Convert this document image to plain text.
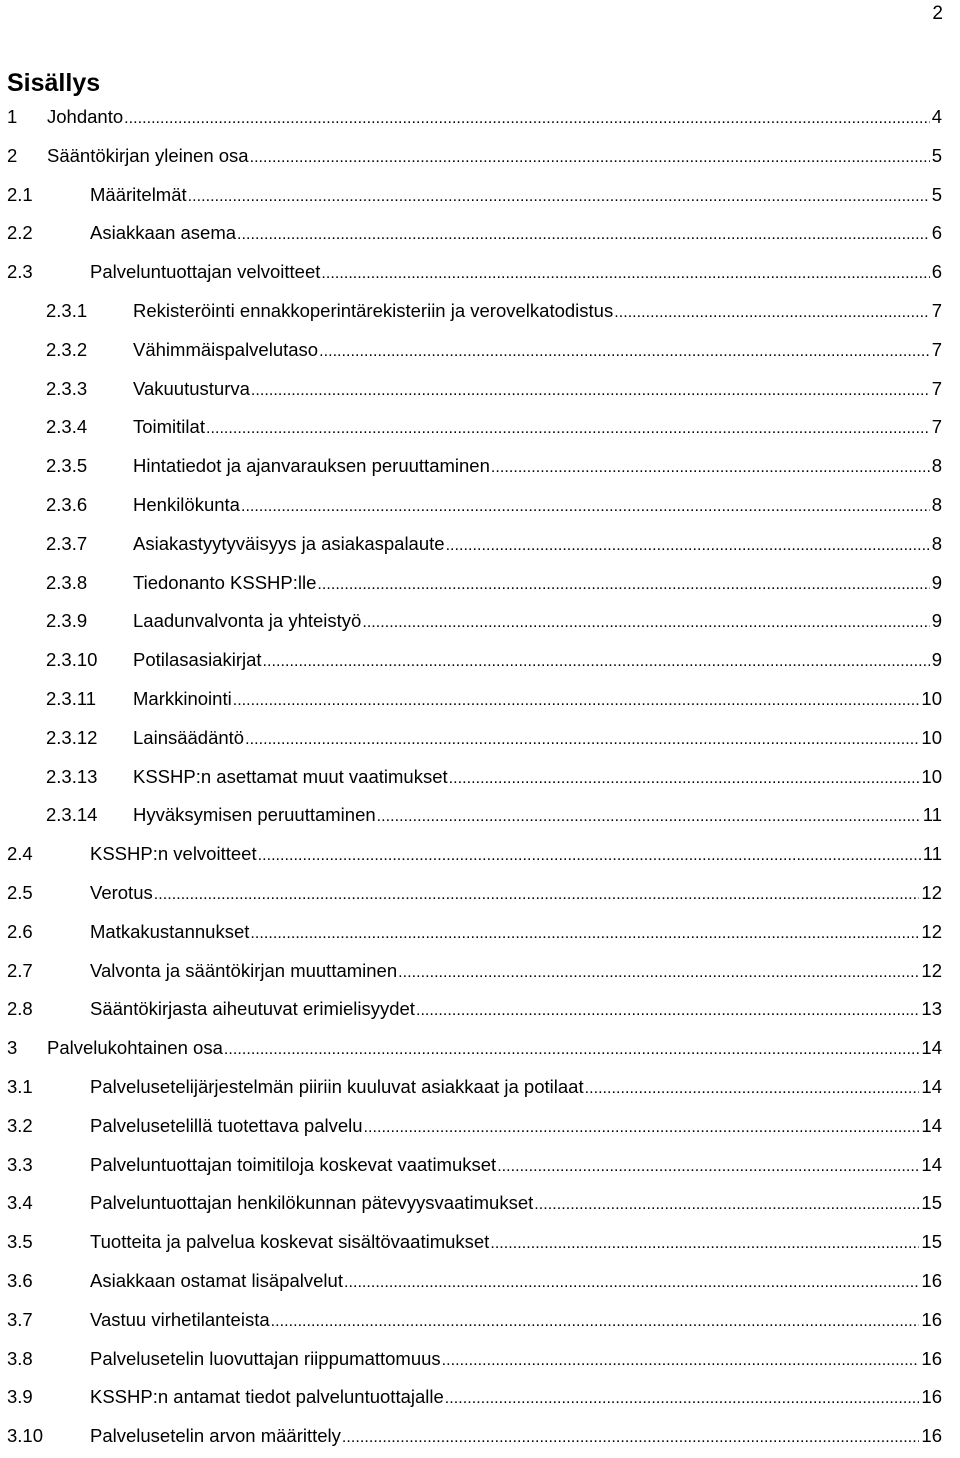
2
Sisällys
1 Johdanto . . .	4
2 Sääntökirjan yleinen osa . . .	5
2.1	Määritelmät . . .	5
2.2	Asiakkaan asema . . .	6
2.3	Palveluntuottajan velvoitteet . . .	6
2.3.1 Rekisteröinti ennakkoperintärekisteriin ja verovelkatodistus . . .	7
2.3.2 Vähimmäispalvelutaso . . .	7
2.3.3 Vakuutusturva . . .	7
2.3.4 Toimitilat . . .	7
2.3.5 Hintatiedot ja ajanvarauksen peruuttaminen . . .	8
2.3.6 Henkilökunta . . .	8
2.3.7 Asiakastyytyväisyys ja asiakaspalaute . . .	8
2.3.8 Tiedonanto KSSHP:lle . . .	9
2.3.9 Laadunvalvonta ja yhteistyö . . .	9
2.3.10 Potilasasiakirjat . . .	9
2.3.11 Markkinointi . . .	10
2.3.12 Lainsäädäntö . . .	10
2.3.13 KSSHP:n asettamat muut vaatimukset . . .	10
2.3.14 Hyväksymisen peruuttaminen . . .	11
2.4	KSSHP:n velvoitteet . . .	11
2.5	Verotus . . .	12
2.6	Matkakustannukset . . .	12
2.7	Valvonta ja sääntökirjan muuttaminen . . .	12
2.8	Sääntökirjasta aiheutuvat erimielisyydet . . .	13
3 Palvelukohtainen osa . . .	14
3.1	Palvelusetelijärjestelmän piiriin kuuluvat asiakkaat ja potilaat . . .	14
3.2	Palvelusetelillä tuotettava palvelu . . .	14
3.3	Palveluntuottajan toimitiloja koskevat vaatimukset . . .	14
3.4	Palveluntuottajan henkilökunnan pätevyysvaatimukset . . .	15
3.5	Tuotteita ja palvelua koskevat sisältövaatimukset . . .	15
3.6	Asiakkaan ostamat lisäpalvelut . . .	16
3.7	Vastuu virhetilanteista . . .	16
3.8	Palvelusetelin luovuttajan riippumattomuus . . .	16
3.9	KSSHP:n antamat tiedot palveluntuottajalle . . .	16
3.10	Palvelusetelin arvon määrittely . . .	16
